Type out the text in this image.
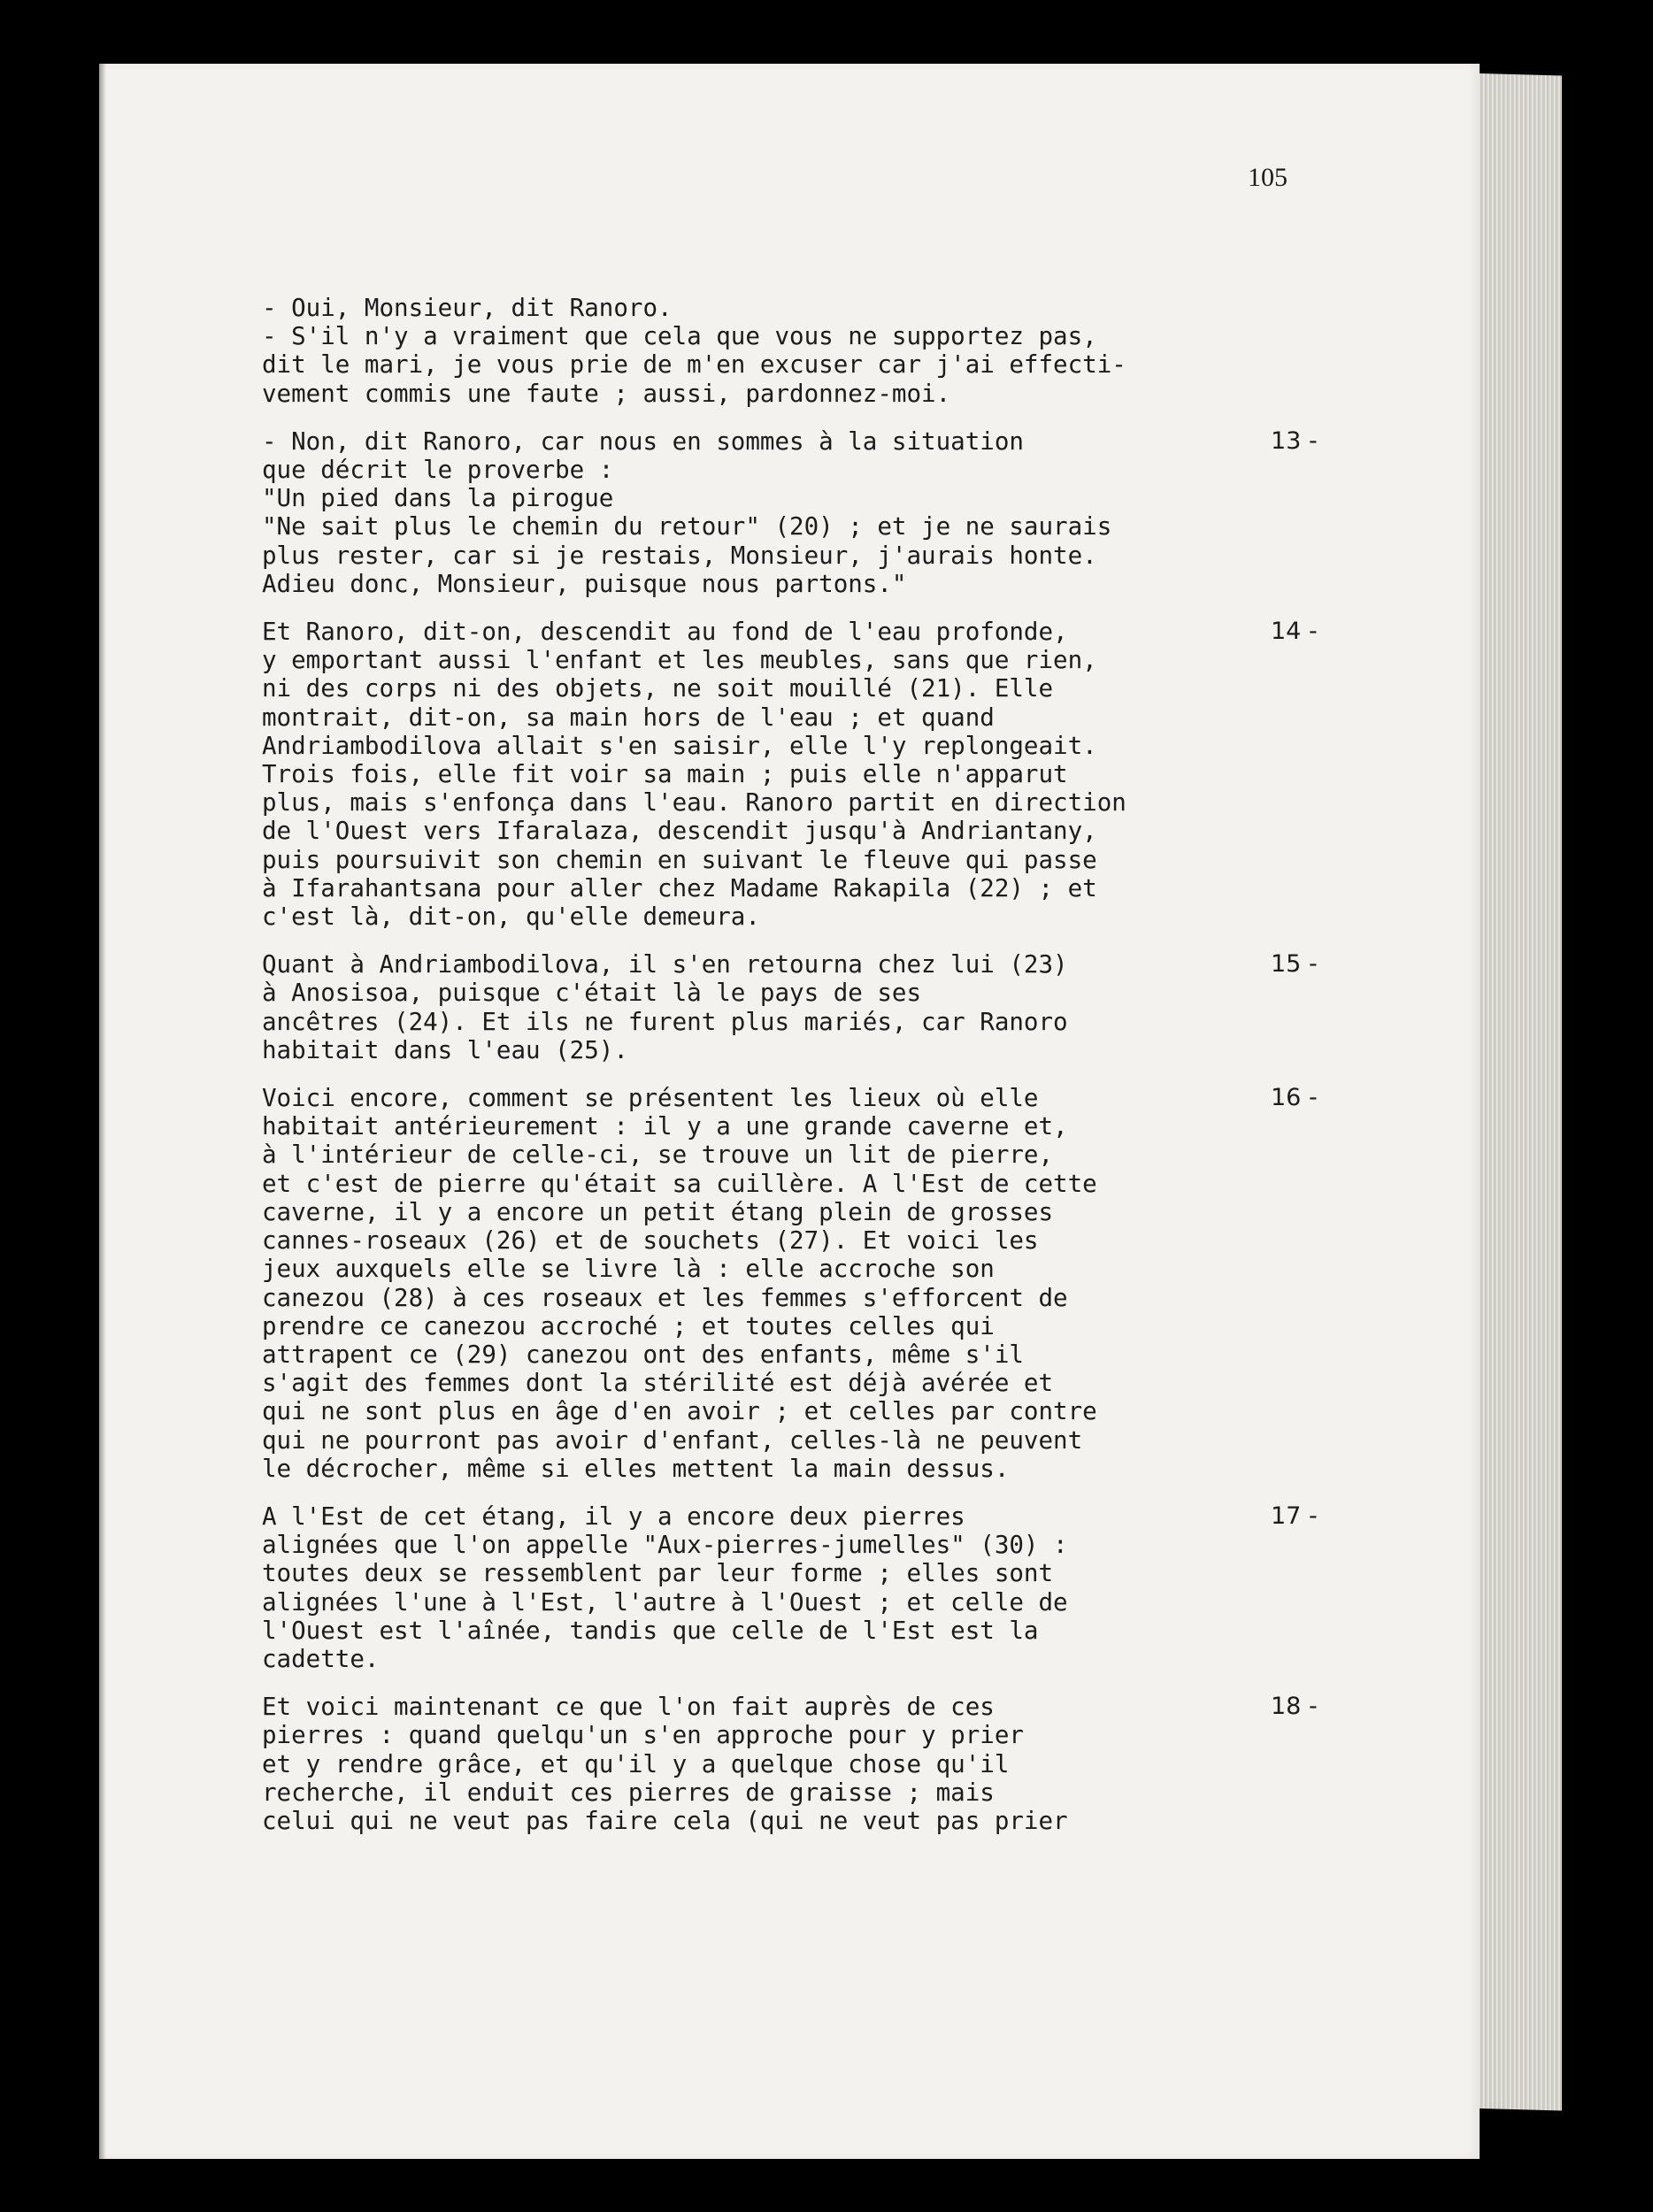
105
- Oui, Monsieur, dit Ranoro.
- S'il n'y a vraiment que cela que vous ne supportez pas,
dit le mari, je vous prie de m'en excuser car j'ai effecti-
vement commis une faute ; aussi, pardonnez-moi.
13 -
- Non, dit Ranoro, car nous en sommes à la situation
que décrit le proverbe :
"Un pied dans la pirogue
"Ne sait plus le chemin du retour" (20) ; et je ne saurais
plus rester, car si je restais, Monsieur, j'aurais honte.
Adieu donc, Monsieur, puisque nous partons."
14 -
Et Ranoro, dit-on, descendit au fond de l'eau profonde,
y emportant aussi l'enfant et les meubles, sans que rien,
ni des corps ni des objets, ne soit mouillé (21). Elle
montrait, dit-on, sa main hors de l'eau ; et quand
Andriambodilova allait s'en saisir, elle l'y replongeait.
Trois fois, elle fit voir sa main ; puis elle n'apparut
plus, mais s'enfonça dans l'eau. Ranoro partit en direction
de l'Ouest vers Ifaralaza, descendit jusqu'à Andriantany,
puis poursuivit son chemin en suivant le fleuve qui passe
à Ifarahantsana pour aller chez Madame Rakapila (22) ; et
c'est là, dit-on, qu'elle demeura.
15 -
Quant à Andriambodilova, il s'en retourna chez lui (23)
à Anosisoa, puisque c'était là le pays de ses
ancêtres (24). Et ils ne furent plus mariés, car Ranoro
habitait dans l'eau (25).
16 -
Voici encore, comment se présentent les lieux où elle
habitait antérieurement : il y a une grande caverne et,
à l'intérieur de celle-ci, se trouve un lit de pierre,
et c'est de pierre qu'était sa cuillère. A l'Est de cette
caverne, il y a encore un petit étang plein de grosses
cannes-roseaux (26) et de souchets (27). Et voici les
jeux auxquels elle se livre là : elle accroche son
canezou (28) à ces roseaux et les femmes s'efforcent de
prendre ce canezou accroché ; et toutes celles qui
attrapent ce (29) canezou ont des enfants, même s'il
s'agit des femmes dont la stérilité est déjà avérée et
qui ne sont plus en âge d'en avoir ; et celles par contre
qui ne pourront pas avoir d'enfant, celles-là ne peuvent
le décrocher, même si elles mettent la main dessus.
17 -
A l'Est de cet étang, il y a encore deux pierres
alignées que l'on appelle "Aux-pierres-jumelles" (30) :
toutes deux se ressemblent par leur forme ; elles sont
alignées l'une à l'Est, l'autre à l'Ouest ; et celle de
l'Ouest est l'aînée, tandis que celle de l'Est est la
cadette.
18 -
Et voici maintenant ce que l'on fait auprès de ces
pierres : quand quelqu'un s'en approche pour y prier
et y rendre grâce, et qu'il y a quelque chose qu'il
recherche, il enduit ces pierres de graisse ; mais
celui qui ne veut pas faire cela (qui ne veut pas prier
